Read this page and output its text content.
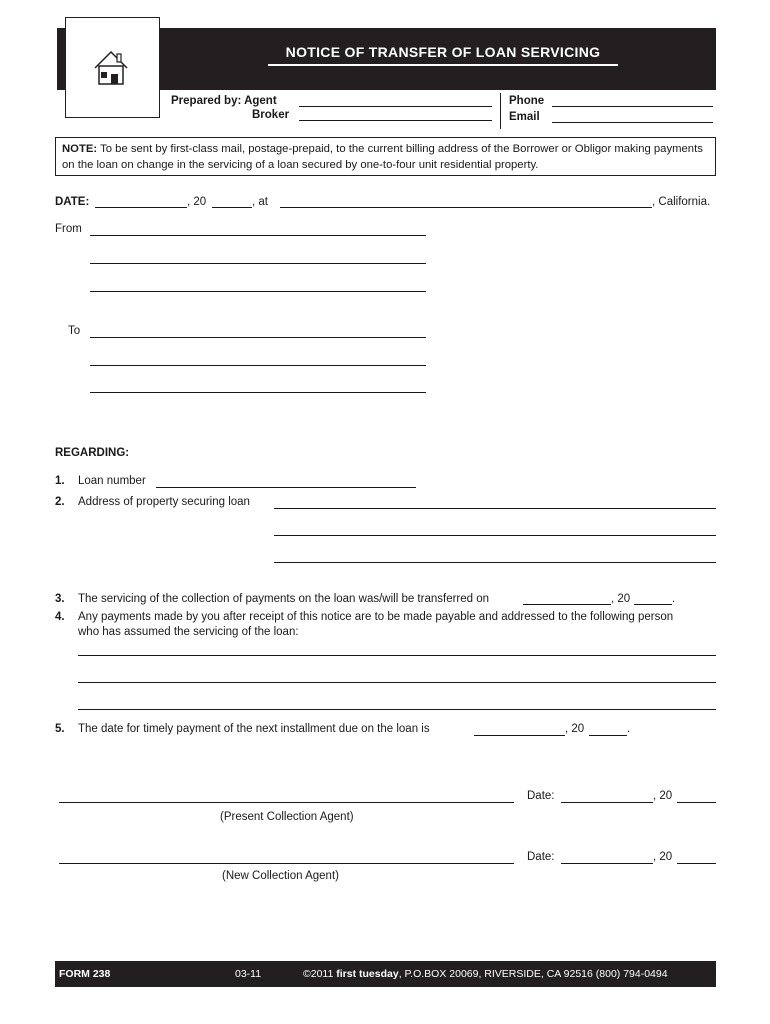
NOTICE OF TRANSFER OF LOAN SERVICING
Prepared by: Agent
Broker
Phone
Email
NOTE: To be sent by first-class mail, postage-prepaid, to the current billing address of the Borrower or Obligor making payments on the loan on change in the servicing of a loan secured by one-to-four unit residential property.
DATE:	, 20	, at	, California.
From
To
REGARDING:
1. Loan number
2. Address of property securing loan
3. The servicing of the collection of payments on the loan was/will be transferred on	, 20	.
4. Any payments made by you after receipt of this notice are to be made payable and addressed to the following person
who has assumed the servicing of the loan:
5. The date for timely payment of the next installment due on the loan is	, 20	.
Date:	, 20
(Present Collection Agent)
Date:	, 20
(New Collection Agent)
FORM 238	03-11	©2011 first tuesday, P.O.BOX 20069, RIVERSIDE, CA 92516 (800) 794-0494
